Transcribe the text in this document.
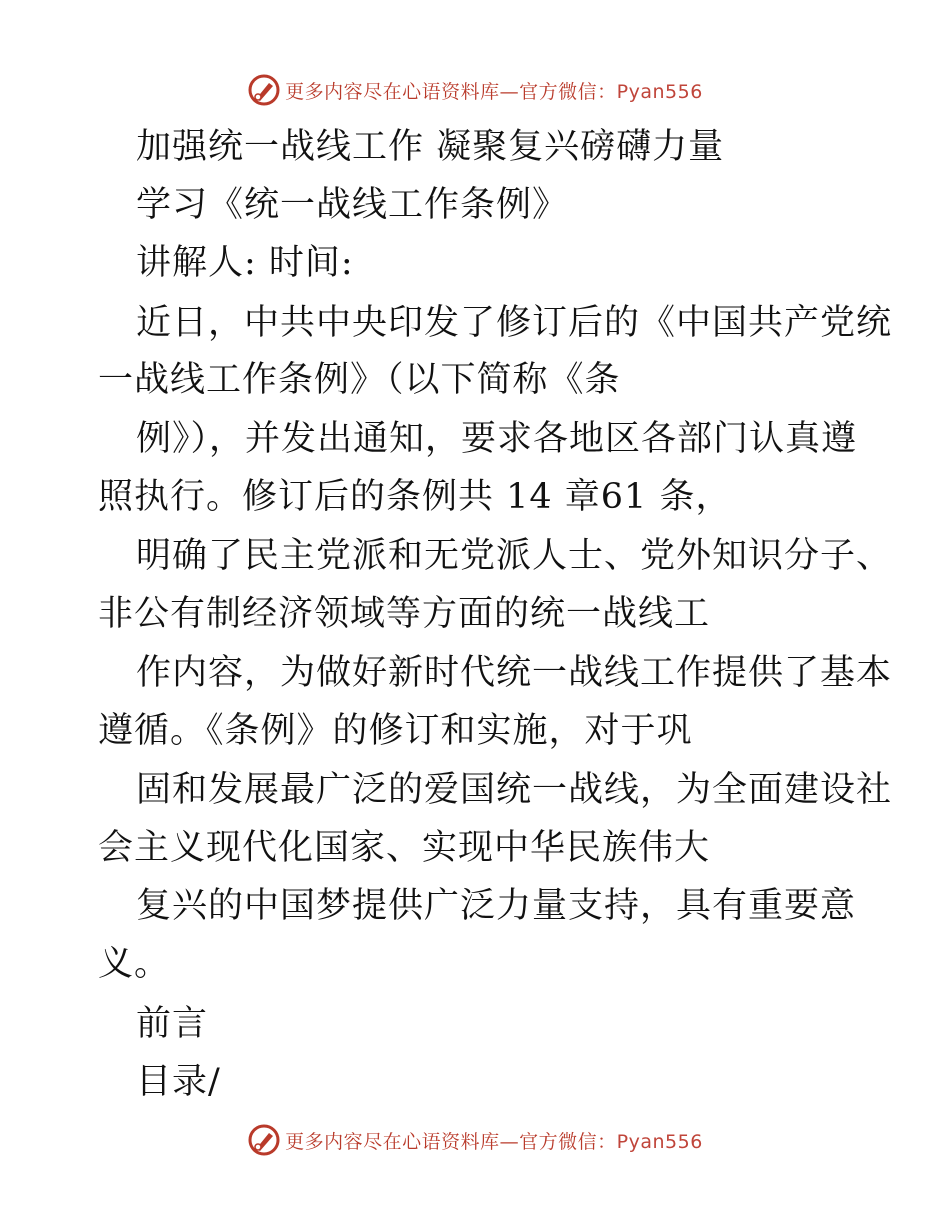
更多内容尽在心语资料库—官方微信：Pyan556
加强统一战线工作 凝聚复兴磅礴力量
学习《统一战线工作条例》
讲解人: 时间:
近日，中共中央印发了修订后的《中国共产党统
一战线工作条例》（以下简称《条
例》），并发出通知，要求各地区各部门认真遵
照执行。修订后的条例共 14 章61 条，
明确了民主党派和无党派人士、党外知识分子、
非公有制经济领域等方面的统一战线工
作内容，为做好新时代统一战线工作提供了基本
遵循。《条例》的修订和实施，对于巩
固和发展最广泛的爱国统一战线，为全面建设社
会主义现代化国家、实现中华民族伟大
复兴的中国梦提供广泛力量支持，具有重要意
义。
前言
目录/
更多内容尽在心语资料库—官方微信：Pyan556
